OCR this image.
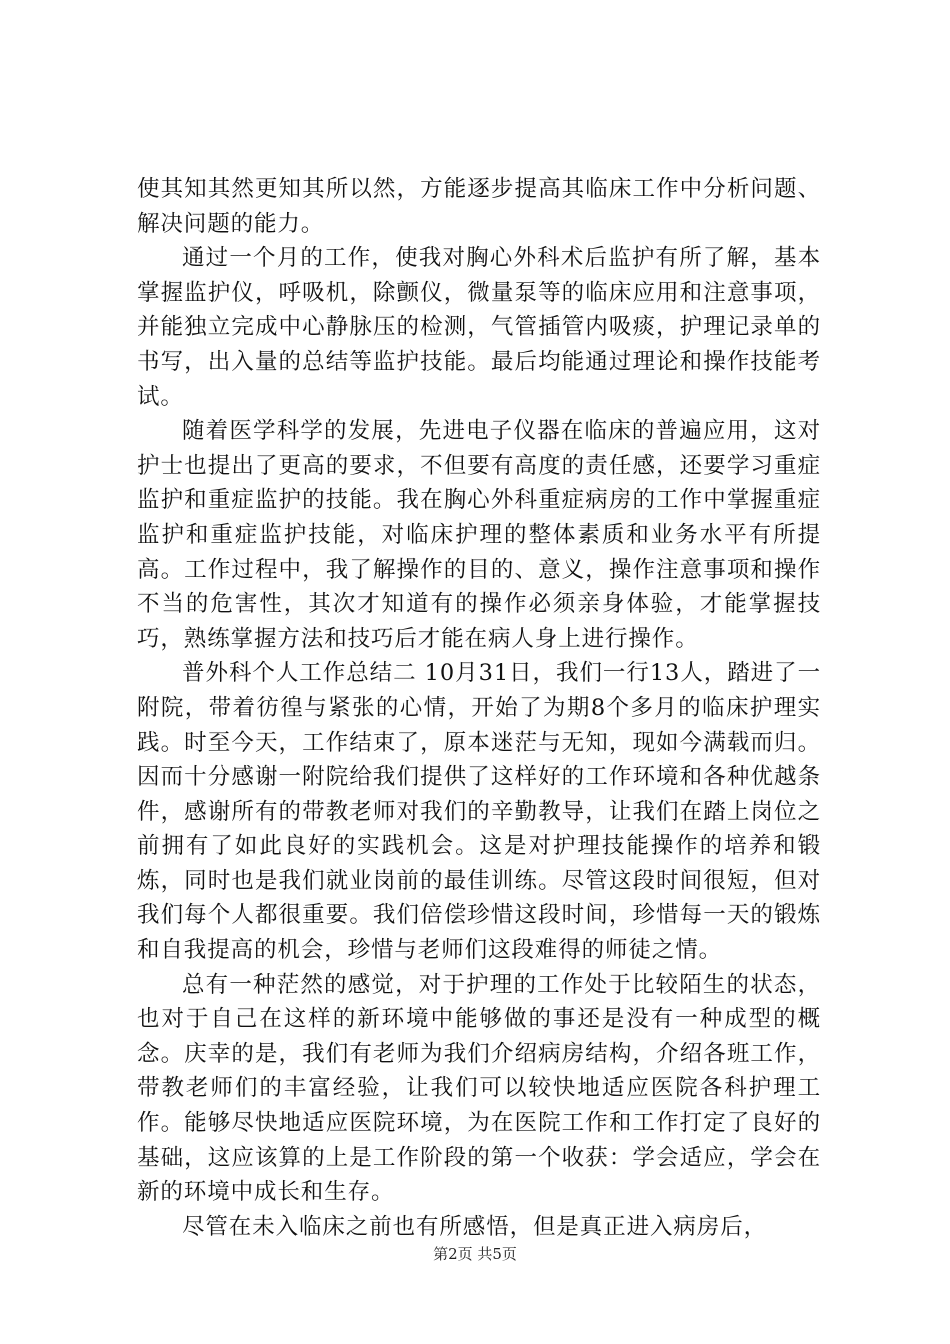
使其知其然更知其所以然，方能逐步提高其临床工作中分析问题、解决问题的能力。

通过一个月的工作，使我对胸心外科术后监护有所了解，基本掌握监护仪，呼吸机，除颤仪，微量泵等的临床应用和注意事项，并能独立完成中心静脉压的检测，气管插管内吸痰，护理记录单的书写，出入量的总结等监护技能。最后均能通过理论和操作技能考试。

随着医学科学的发展，先进电子仪器在临床的普遍应用，这对护士也提出了更高的要求，不但要有高度的责任感，还要学习重症监护和重症监护的技能。我在胸心外科重症病房的工作中掌握重症监护和重症监护技能，对临床护理的整体素质和业务水平有所提高。工作过程中，我了解操作的目的、意义，操作注意事项和操作不当的危害性，其次才知道有的操作必须亲身体验，才能掌握技巧，熟练掌握方法和技巧后才能在病人身上进行操作。

普外科个人工作总结二 10月31日，我们一行13人，踏进了一附院，带着彷徨与紧张的心情，开始了为期8个多月的临床护理实践。时至今天，工作结束了，原本迷茫与无知，现如今满载而归。因而十分感谢一附院给我们提供了这样好的工作环境和各种优越条件，感谢所有的带教老师对我们的辛勤教导，让我们在踏上岗位之前拥有了如此良好的实践机会。这是对护理技能操作的培养和锻炼，同时也是我们就业岗前的最佳训练。尽管这段时间很短，但对我们每个人都很重要。我们倍偿珍惜这段时间，珍惜每一天的锻炼和自我提高的机会，珍惜与老师们这段难得的师徒之情。

总有一种茫然的感觉，对于护理的工作处于比较陌生的状态，也对于自己在这样的新环境中能够做的事还是没有一种成型的概念。庆幸的是，我们有老师为我们介绍病房结构，介绍各班工作，带教老师们的丰富经验，让我们可以较快地适应医院各科护理工作。能够尽快地适应医院环境，为在医院工作和工作打定了良好的基础，这应该算的上是工作阶段的第一个收获：学会适应，学会在新的环境中成长和生存。

尽管在未入临床之前也有所感悟，但是真正进入病房后，

第2页 共5页
